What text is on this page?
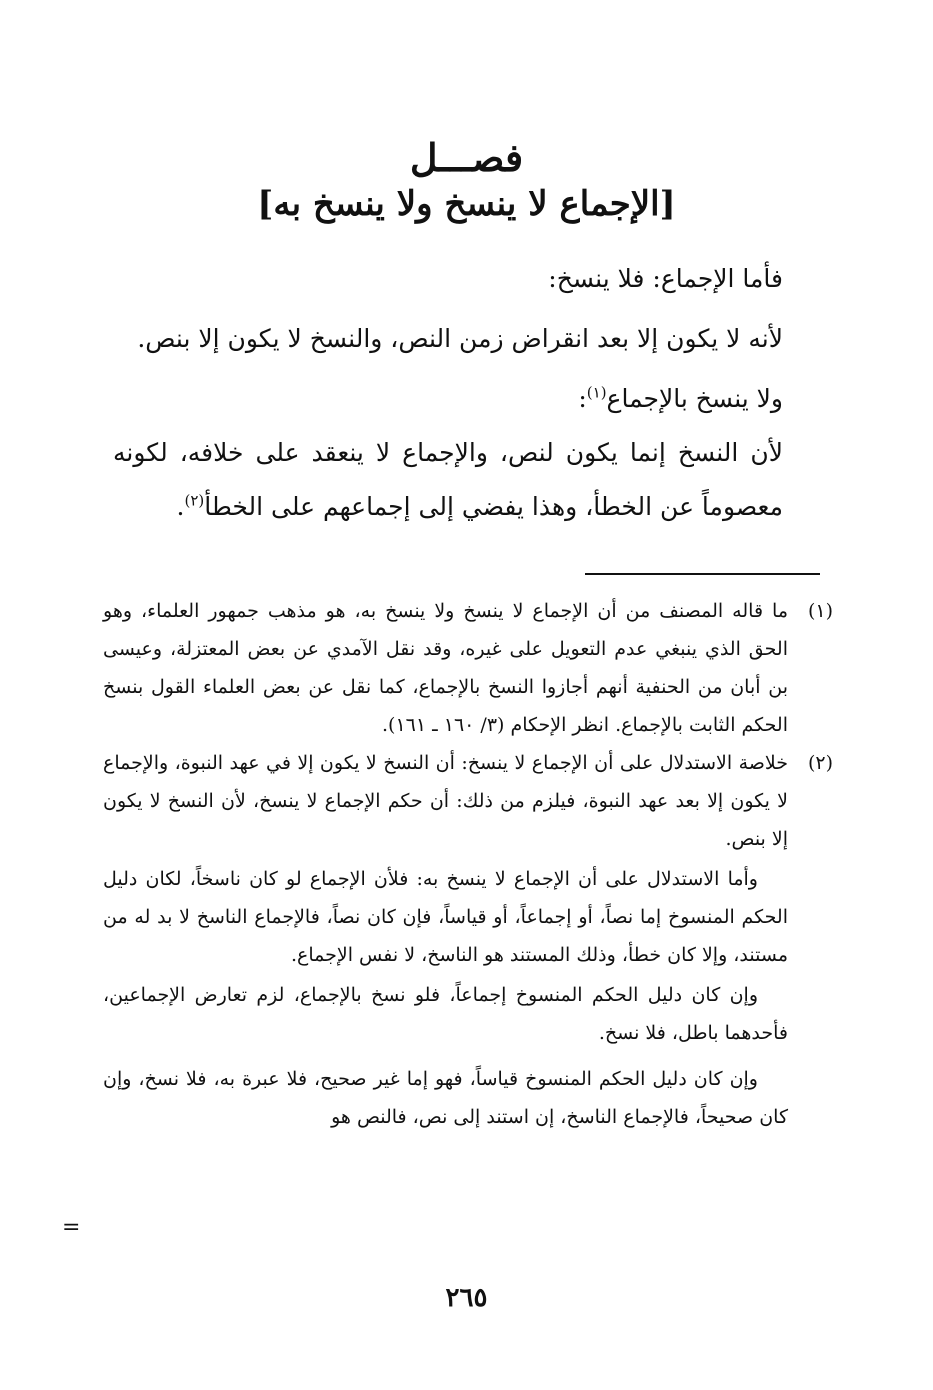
فصـــل
[الإجماع لا ينسخ ولا ينسخ به]

فأما الإجماع: فلا ينسخ:

لأنه لا يكون إلا بعد انقراض زمن النص، والنسخ لا يكون إلا بنص.

ولا ينسخ بالإجماع$^{(١)}$:

لأن النسخ إنما يكون لنص، والإجماع لا ينعقد على خلافه، لكونه معصوماً عن الخطأ، وهذا يفضي إلى إجماعهم على الخطأ$^{(٢)}$.

(١)

ما قاله المصنف من أن الإجماع لا ينسخ ولا ينسخ به، هو مذهب جمهور العلماء، وهو الحق الذي ينبغي عدم التعويل على غيره، وقد نقل الآمدي عن بعض المعتزلة، وعيسى بن أبان من الحنفية أنهم أجازوا النسخ بالإجماع، كما نقل عن بعض العلماء القول بنسخ الحكم الثابت بالإجماع. انظر الإحكام (٣/ ١٦٠ ـ ١٦١).

(٢)

خلاصة الاستدلال على أن الإجماع لا ينسخ: أن النسخ لا يكون إلا في عهد النبوة، والإجماع لا يكون إلا بعد عهد النبوة، فيلزم من ذلك: أن حكم الإجماع لا ينسخ، لأن النسخ لا يكون إلا بنص.

وأما الاستدلال على أن الإجماع لا ينسخ به: فلأن الإجماع لو كان ناسخاً، لكان دليل الحكم المنسوخ إما نصاً، أو إجماعاً، أو قياساً، فإن كان نصاً، فالإجماع الناسخ لا بد له من مستند، وإلا كان خطأ، وذلك المستند هو الناسخ، لا نفس الإجماع.

وإن كان دليل الحكم المنسوخ إجماعاً، فلو نسخ بالإجماع، لزم تعارض الإجماعين، فأحدهما باطل، فلا نسخ.

وإن كان دليل الحكم المنسوخ قياساً، فهو إما غير صحيح، فلا عبرة به، فلا نسخ، وإن كان صحيحاً، فالإجماع الناسخ، إن استند إلى نص، فالنص هو

=
٢٦٥
